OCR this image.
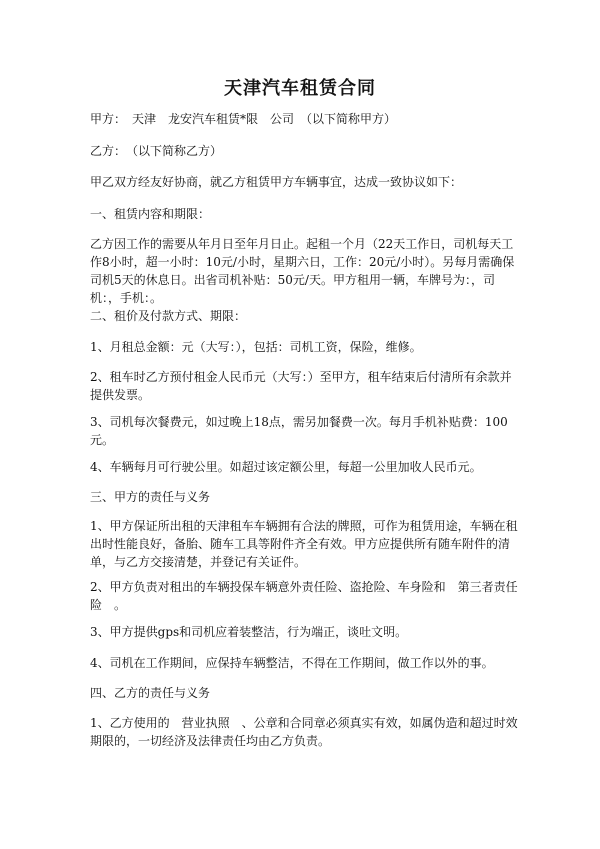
天津汽车租赁合同
甲方：　天津　龙安汽车租赁*限　公司　（以下简称甲方）
乙方：　（以下简称乙方）
甲乙双方经友好协商，就乙方租赁甲方车辆事宜，达成一致协议如下：
一、租赁内容和期限：
乙方因工作的需要从年月日至年月日止。起租一个月（22天工作日，司机每天工作8小时，超一小时：10元/小时，星期六日，工作：20元/小时）。另每月需确保司机5天的休息日。出省司机补贴：50元/天。甲方租用一辆，车牌号为：，司机：，手机：。
二、租价及付款方式、期限：
1、月租总金额：元（大写：），包括：司机工资，保险，维修。
2、租车时乙方预付租金人民币元（大写：）至甲方，租车结束后付清所有余款并提供发票。
3、司机每次餐费元，如过晚上18点，需另加餐费一次。每月手机补贴费：100元。
4、车辆每月可行驶公里。如超过该定额公里，每超一公里加收人民币元。
三、甲方的责任与义务
1、甲方保证所出租的天津租车车辆拥有合法的牌照，可作为租赁用途，车辆在租出时性能良好，备胎、随车工具等附件齐全有效。甲方应提供所有随车附件的清单，与乙方交接清楚，并登记有关证件。
2、甲方负责对租出的车辆投保车辆意外责任险、盗抢险、车身险和　第三者责任险　。
3、甲方提供gps和司机应着装整洁，行为端正，谈吐文明。
4、司机在工作期间，应保持车辆整洁，不得在工作期间，做工作以外的事。
四、乙方的责任与义务
1、乙方使用的　营业执照　、公章和合同章必须真实有效，如属伪造和超过时效期限的，一切经济及法律责任均由乙方负责。
